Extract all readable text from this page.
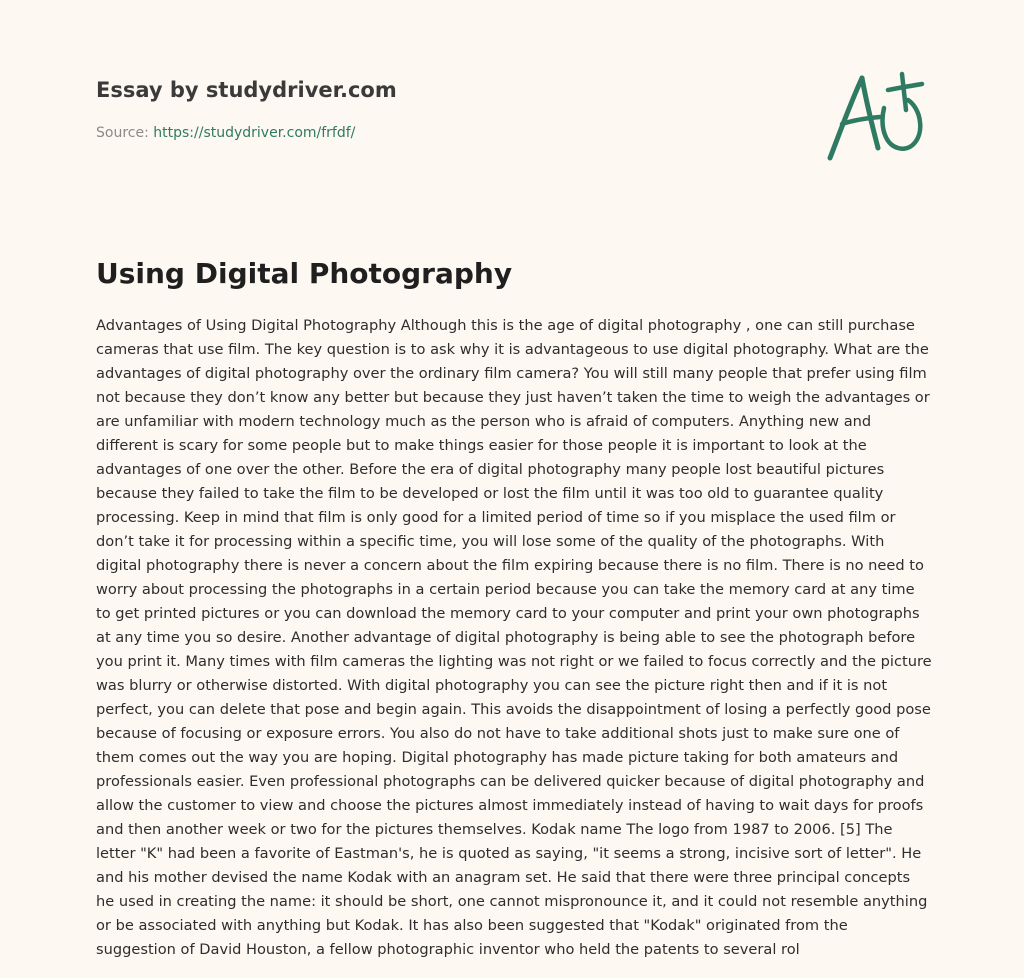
Essay by studydriver.com
Source: https://studydriver.com/frfdf/
Using Digital Photography

Advantages of Using Digital Photography Although this is the age of digital photography , one can still purchase cameras that use film. The key question is to ask why it is advantageous to use digital photography. What are the advantages of digital photography over the ordinary film camera? You will still many people that prefer using film not because they don’t know any better but because they just haven’t taken the time to weigh the advantages or are unfamiliar with modern technology much as the person who is afraid of computers. Anything new and different is scary for some people but to make things easier for those people it is important to look at the advantages of one over the other. Before the era of digital photography many people lost beautiful pictures because they failed to take the film to be developed or lost the film until it was too old to guarantee quality processing. Keep in mind that film is only good for a limited period of time so if you misplace the used film or don’t take it for processing within a specific time, you will lose some of the quality of the photographs. With digital photography there is never a concern about the film expiring because there is no film. There is no need to worry about processing the photographs in a certain period because you can take the memory card at any time to get printed pictures or you can download the memory card to your computer and print your own photographs at any time you so desire. Another advantage of digital photography is being able to see the photograph before you print it. Many times with film cameras the lighting was not right or we failed to focus correctly and the picture was blurry or otherwise distorted. With digital photography you can see the picture right then and if it is not perfect, you can delete that pose and begin again. This avoids the disappointment of losing a perfectly good pose because of focusing or exposure errors. You also do not have to take additional shots just to make sure one of them comes out the way you are hoping. Digital photography has made picture taking for both amateurs and professionals easier. Even professional photographs can be delivered quicker because of digital photography and allow the customer to view and choose the pictures almost immediately instead of having to wait days for proofs and then another week or two for the pictures themselves. Kodak name The logo from 1987 to 2006. [5] The letter "K" had been a favorite of Eastman's, he is quoted as saying, "it seems a strong, incisive sort of letter". He and his mother devised the name Kodak with an anagram set. He said that there were three principal concepts he used in creating the name: it should be short, one cannot mispronounce it, and it could not resemble anything or be associated with anything but Kodak. It has also been suggested that "Kodak" originated from the suggestion of David Houston, a fellow photographic inventor who held the patents to several rol
